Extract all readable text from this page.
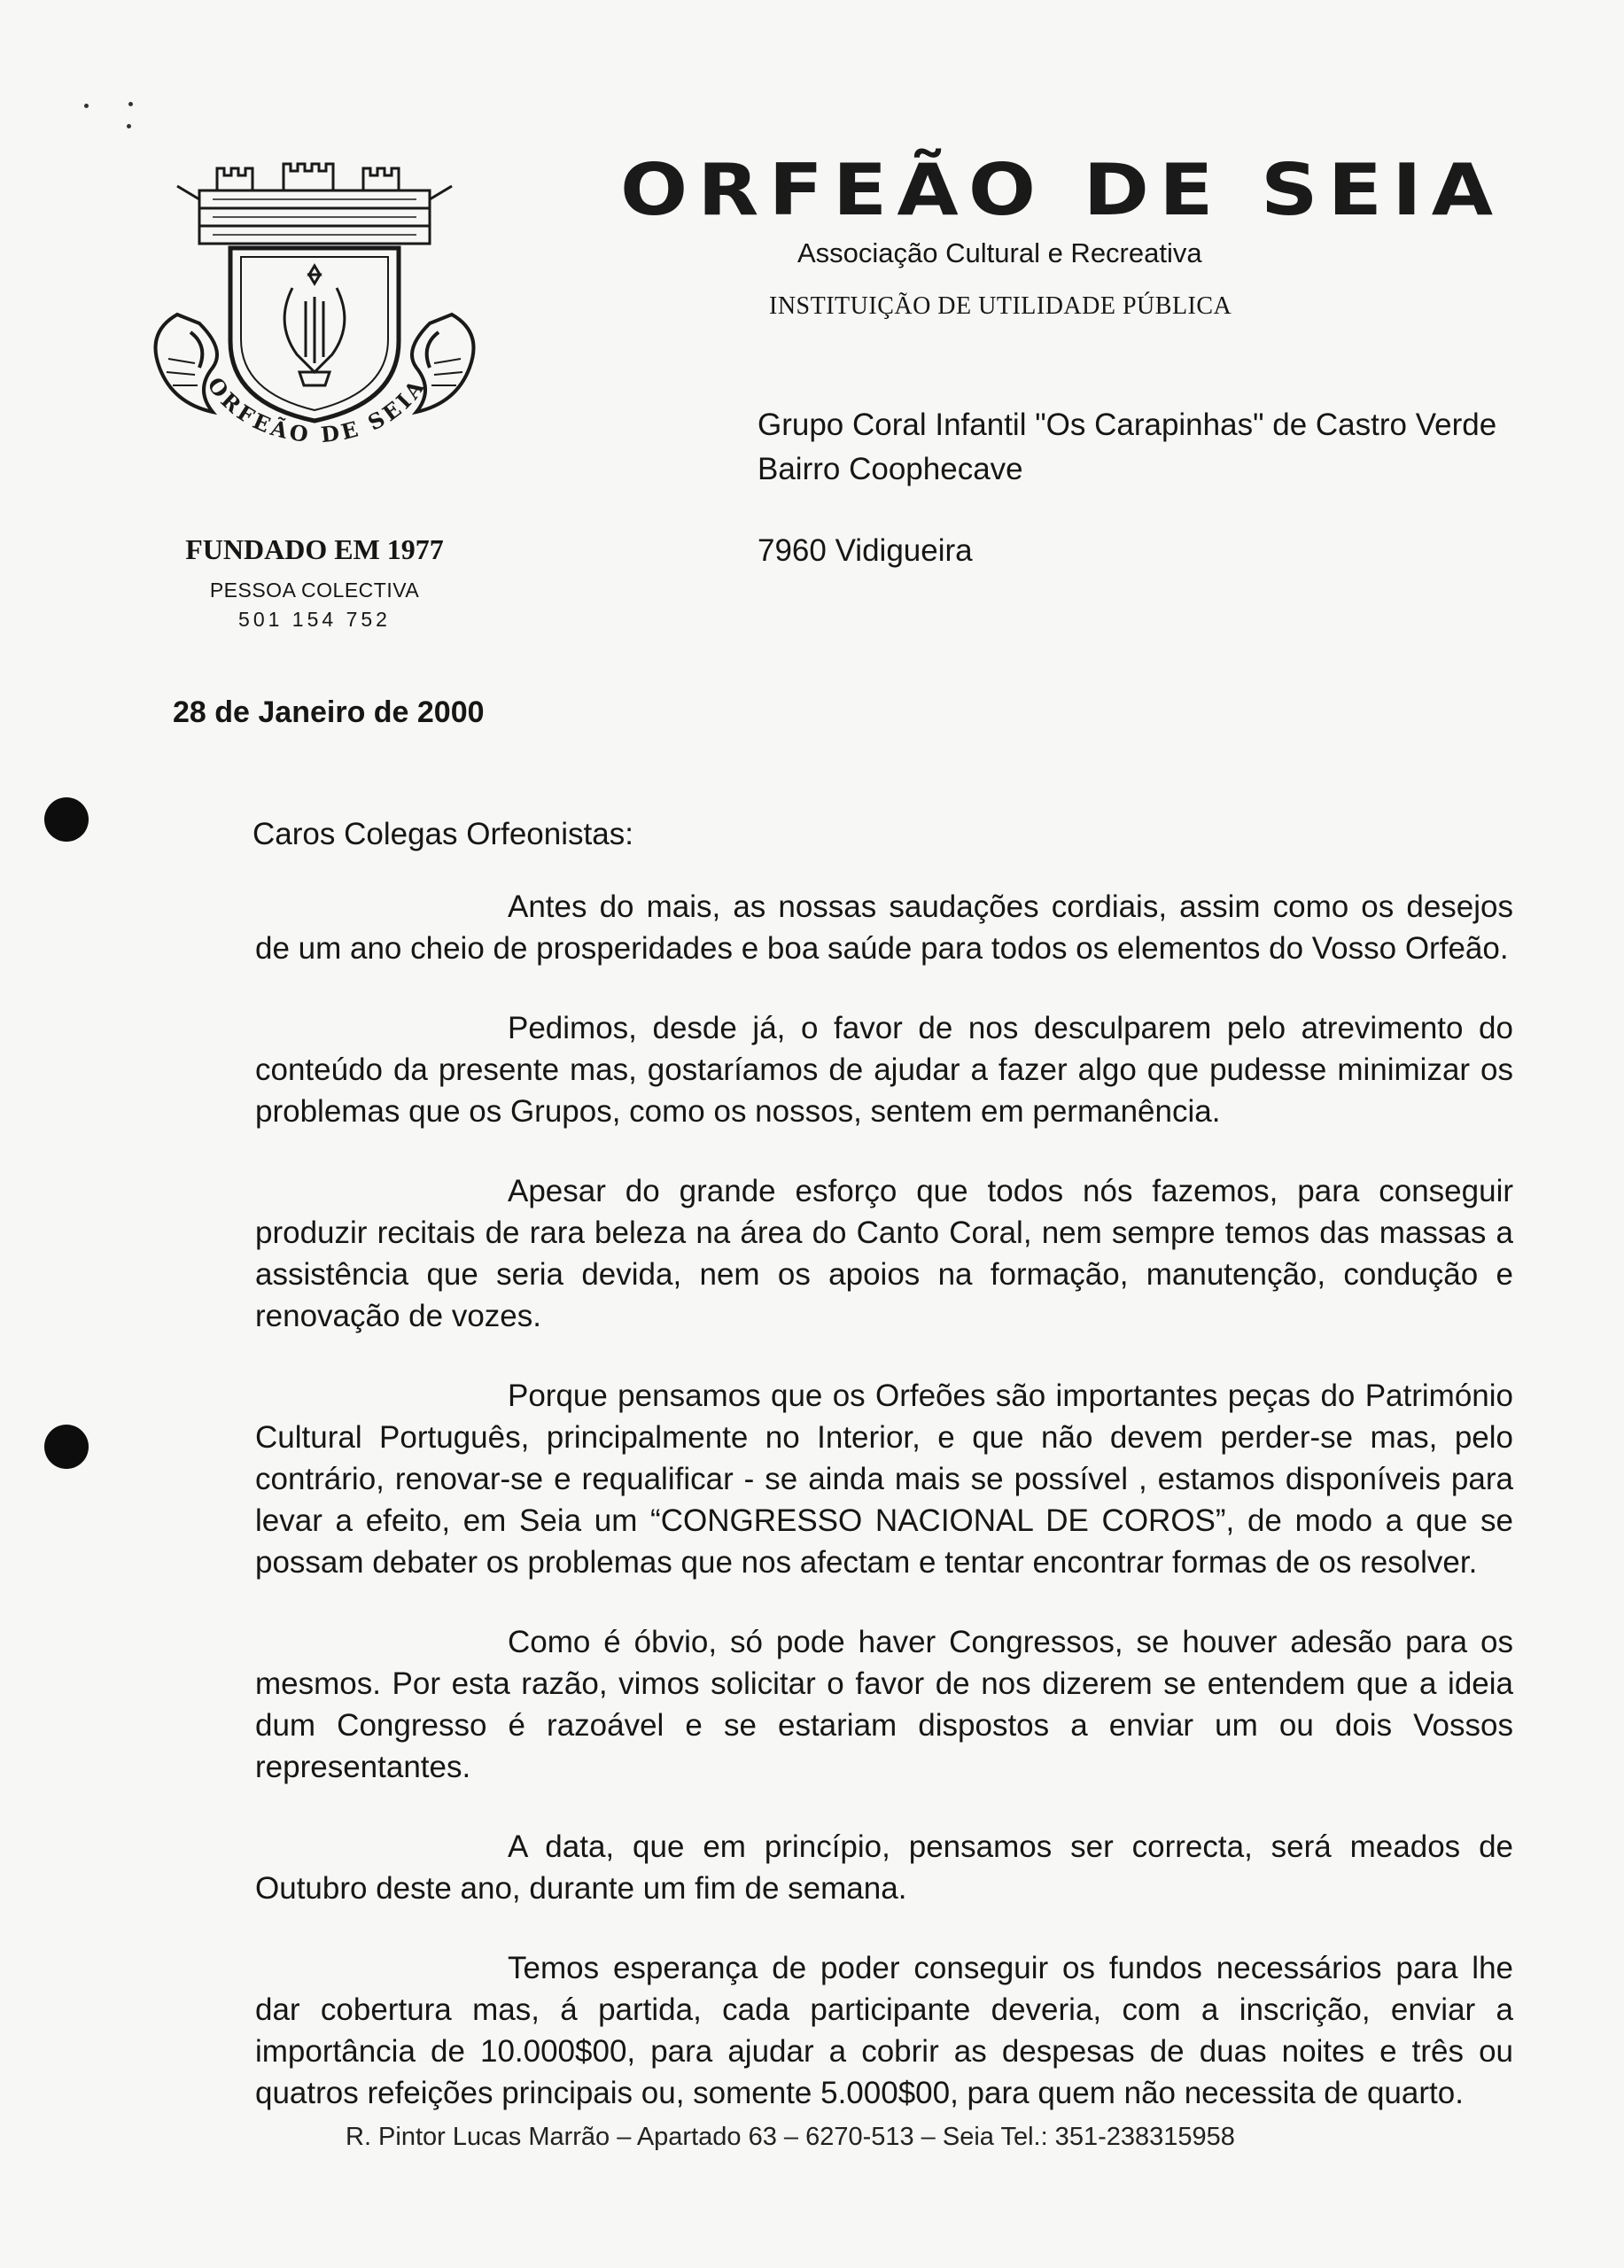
ORFEÃO DE SEIA
ORFEÃO DE SEIA
Associação Cultural e Recreativa
INSTITUIÇÃO DE UTILIDADE PÚBLICA
Grupo Coral Infantil "Os Carapinhas" de Castro Verde
Bairro Coophecave
7960 Vidigueira
FUNDADO EM 1977
PESSOA COLECTIVA
501 154 752
28 de Janeiro de 2000
Caros Colegas Orfeonistas:

Antes do mais, as nossas saudações cordiais, assim como os desejos de um ano cheio de prosperidades e boa saúde para todos os elementos do Vosso Orfeão.

Pedimos, desde já, o favor de nos desculparem pelo atrevimento do conteúdo da presente mas, gostaríamos de ajudar a fazer algo que pudesse minimizar os problemas que os Grupos, como os nossos, sentem em permanência.

Apesar do grande esforço que todos nós fazemos, para conseguir produzir recitais de rara beleza na área do Canto Coral, nem sempre temos das massas a assistência que seria devida, nem os apoios na formação, manutenção, condução e renovação de vozes.

Porque pensamos que os Orfeões são importantes peças do Património Cultural Português, principalmente no Interior, e que não devem perder-se mas, pelo contrário, renovar-se e requalificar - se ainda mais se possível , estamos disponíveis para levar a efeito, em Seia um “CONGRESSO NACIONAL DE COROS”, de modo a que se possam debater os problemas que nos afectam e tentar encontrar formas de os resolver.

Como é óbvio, só pode haver Congressos, se houver adesão para os mesmos. Por esta razão, vimos solicitar o favor de nos dizerem se entendem que a ideia dum Congresso é razoável e se estariam dispostos a enviar um ou dois Vossos representantes.

A data, que em princípio, pensamos ser correcta, será meados de Outubro deste ano, durante um fim de semana.

Temos esperança de poder conseguir os fundos necessários para lhe dar cobertura mas, á partida, cada participante deveria, com a inscrição, enviar a importância de 10.000$00, para ajudar a cobrir as despesas de duas noites e três ou quatros refeições principais ou, somente 5.000$00, para quem não necessita de quarto.

R. Pintor Lucas Marrão – Apartado 63 – 6270-513 – Seia Tel.: 351-238315958
